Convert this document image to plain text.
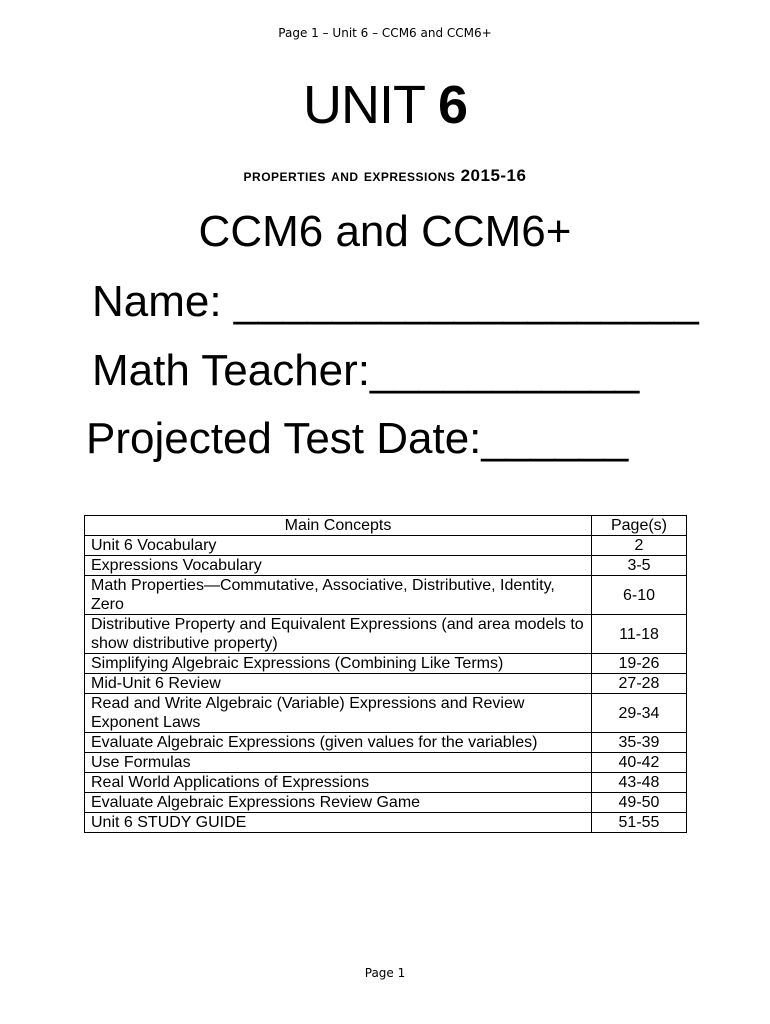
Page 1 – Unit 6 – CCM6 and CCM6+
UNIT 6
properties and expressions 2015-16
CCM6 and CCM6+
Name: ___________________
Math Teacher:___________
Projected Test Date:______
Main Concepts	Page(s)
Unit 6 Vocabulary	2
Expressions Vocabulary	3-5
Math Properties—Commutative, Associative, Distributive, Identity, Zero	6-10
Distributive Property and Equivalent Expressions (and area models to show distributive property)	11-18
Simplifying Algebraic Expressions (Combining Like Terms)	19-26
Mid-Unit 6 Review	27-28
Read and Write Algebraic (Variable) Expressions and Review Exponent Laws	29-34
Evaluate Algebraic Expressions (given values for the variables)	35-39
Use Formulas	40-42
Real World Applications of Expressions	43-48
Evaluate Algebraic Expressions Review Game	49-50
Unit 6 STUDY GUIDE	51-55
Page 1
